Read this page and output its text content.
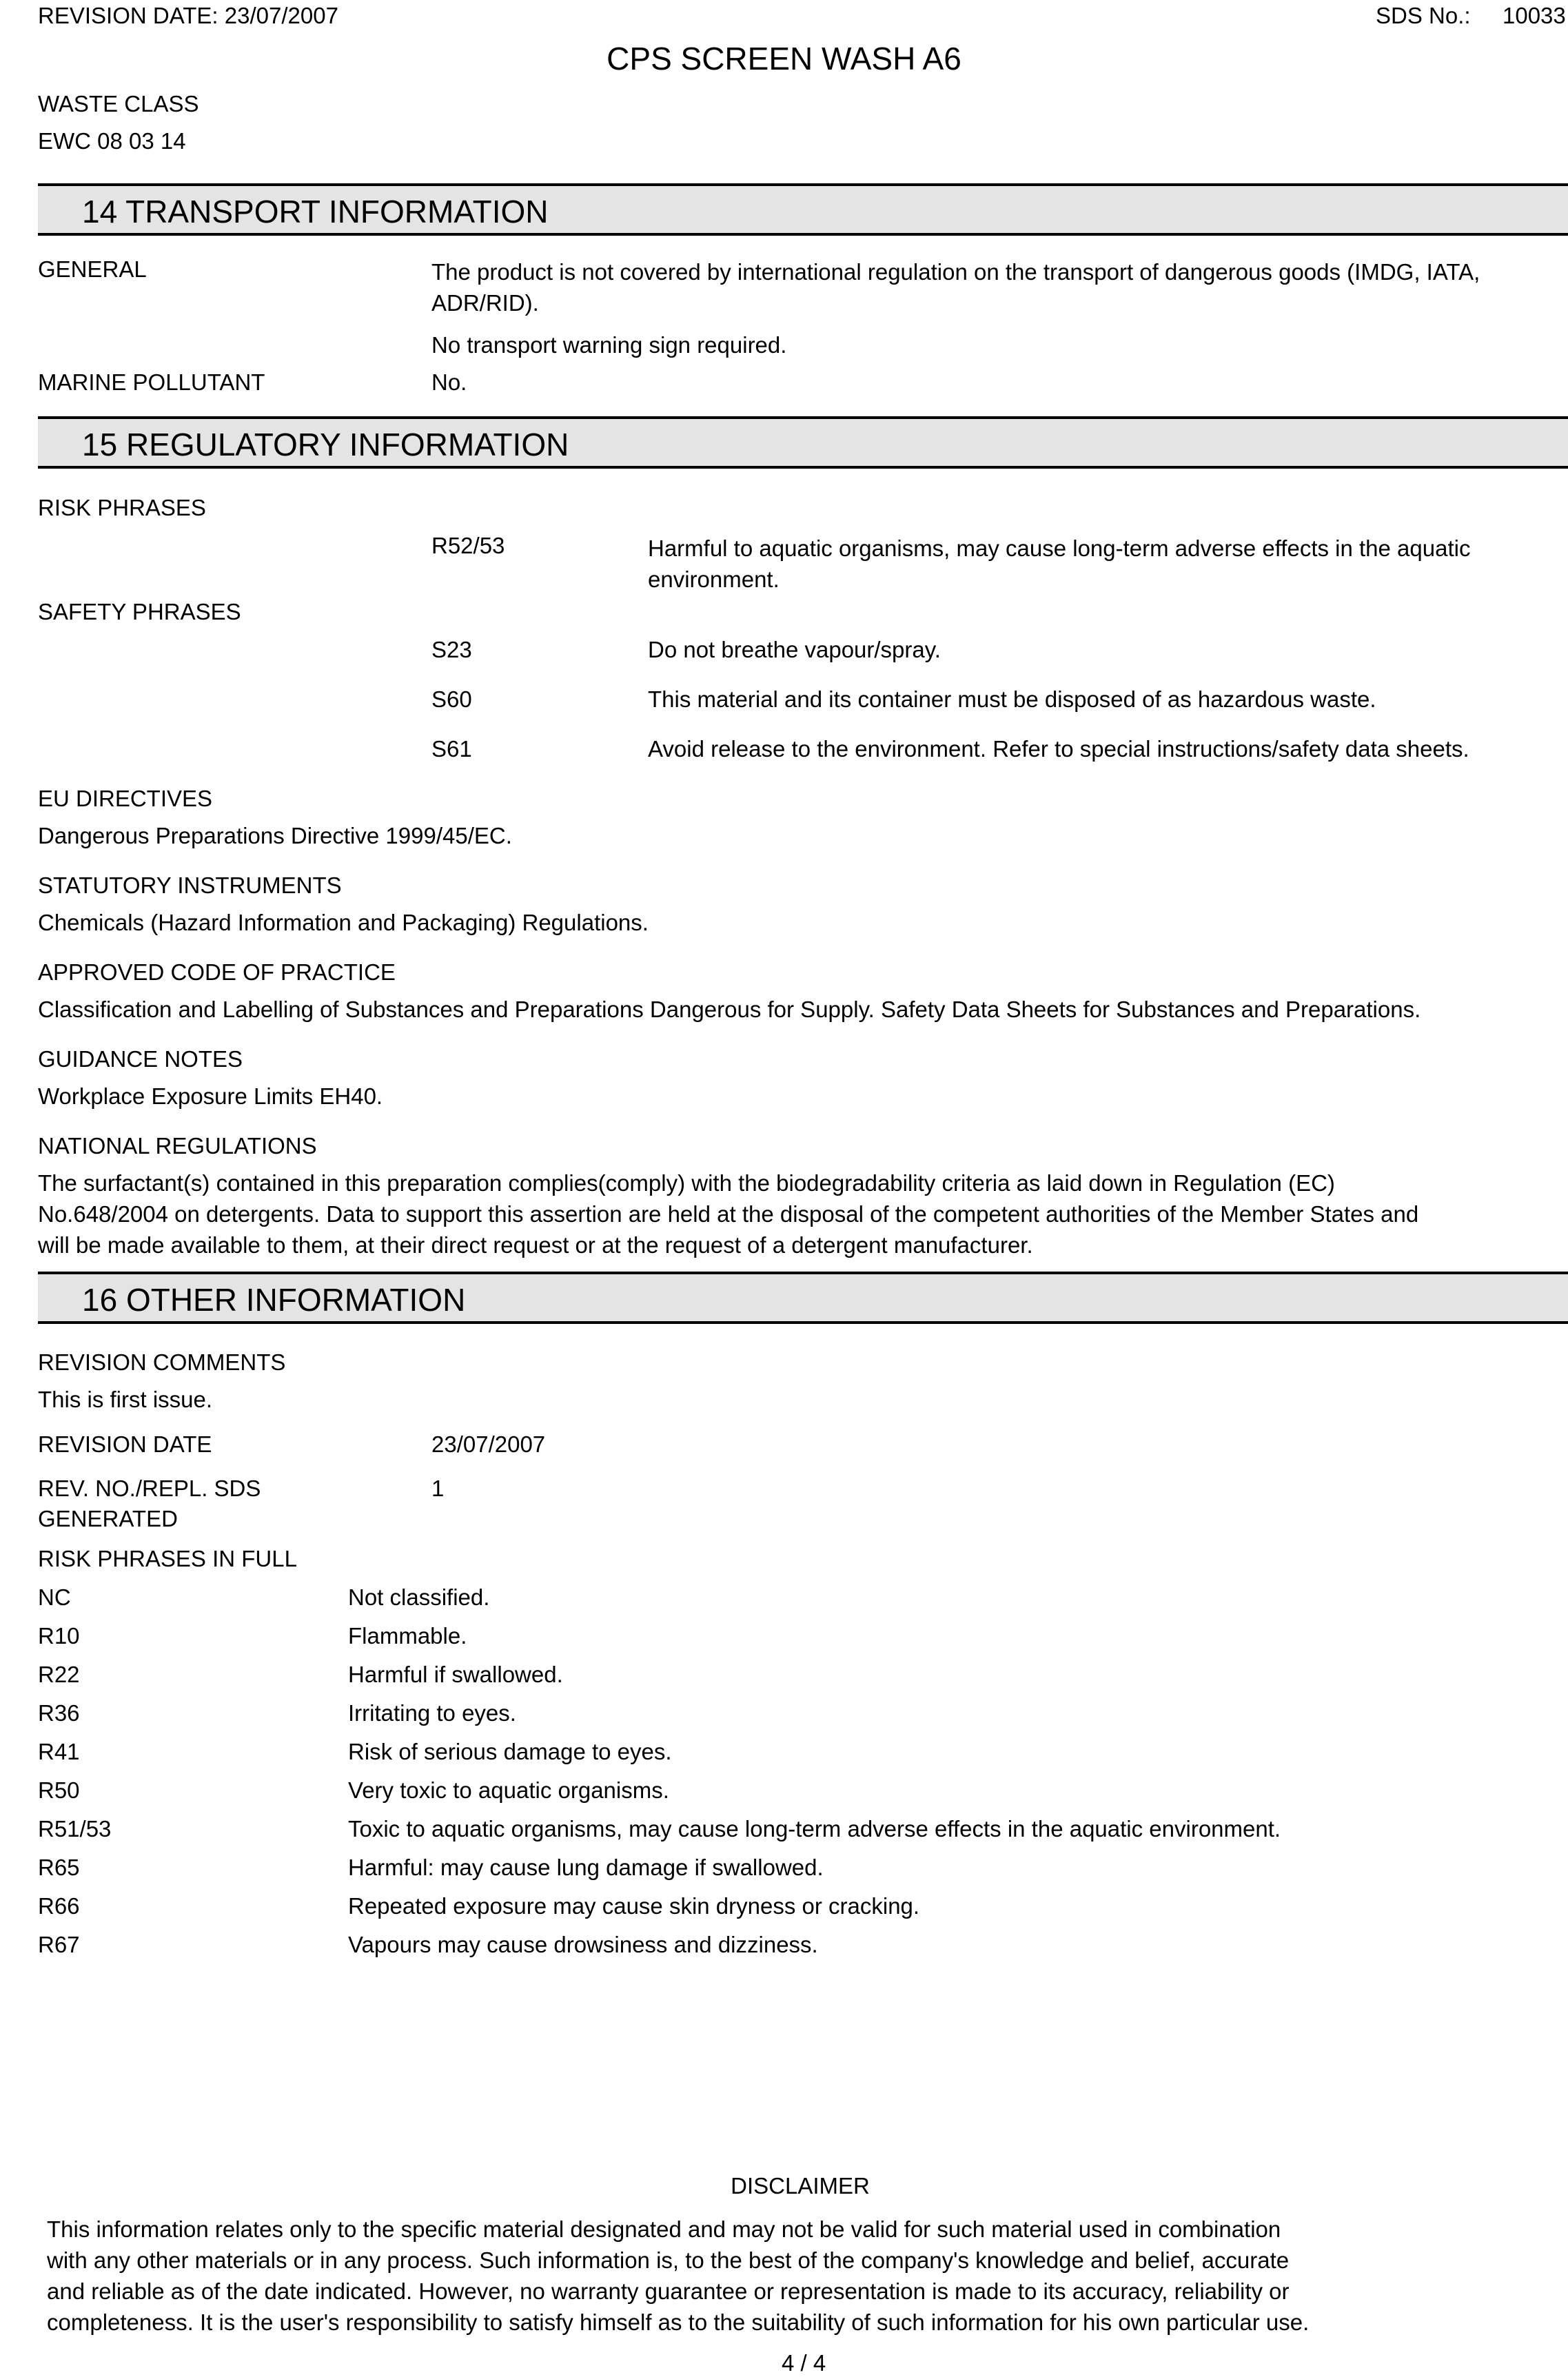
REVISION DATE: 23/07/2007	SDS No.: 10033
CPS SCREEN WASH A6
WASTE CLASS
EWC 08 03 14
14 TRANSPORT INFORMATION
GENERAL	The product is not covered by international regulation on the transport of dangerous goods (IMDG, IATA, ADR/RID).
No transport warning sign required.
MARINE POLLUTANT	No.
15 REGULATORY INFORMATION
RISK PHRASES
R52/53	Harmful to aquatic organisms, may cause long-term adverse effects in the aquatic environment.
SAFETY PHRASES
S23	Do not breathe vapour/spray.
S60	This material and its container must be disposed of as hazardous waste.
S61	Avoid release to the environment. Refer to special instructions/safety data sheets.
EU DIRECTIVES
Dangerous Preparations Directive 1999/45/EC.
STATUTORY INSTRUMENTS
Chemicals (Hazard Information and Packaging) Regulations.
APPROVED CODE OF PRACTICE
Classification and Labelling of Substances and Preparations Dangerous for Supply. Safety Data Sheets for Substances and Preparations.
GUIDANCE NOTES
Workplace Exposure Limits EH40.
NATIONAL REGULATIONS
The surfactant(s) contained in this preparation complies(comply) with the biodegradability criteria as laid down in Regulation (EC)
No.648/2004 on detergents. Data to support this assertion are held at the disposal of the competent authorities of the Member States and
will be made available to them, at their direct request or at the request of a detergent manufacturer.
16 OTHER INFORMATION
REVISION COMMENTS
This is first issue.
REVISION DATE	23/07/2007
REV. NO./REPL. SDS
GENERATED
1
RISK PHRASES IN FULL
NC	Not classified.
R10	Flammable.
R22	Harmful if swallowed.
R36	Irritating to eyes.
R41	Risk of serious damage to eyes.
R50	Very toxic to aquatic organisms.
R51/53	Toxic to aquatic organisms, may cause long-term adverse effects in the aquatic environment.
R65	Harmful: may cause lung damage if swallowed.
R66	Repeated exposure may cause skin dryness or cracking.
R67	Vapours may cause drowsiness and dizziness.
DISCLAIMER
This information relates only to the specific material designated and may not be valid for such material used in combination
with any other materials or in any process. Such information is, to the best of the company's knowledge and belief, accurate
and reliable as of the date indicated. However, no warranty guarantee or representation is made to its accuracy, reliability or
completeness. It is the user's responsibility to satisfy himself as to the suitability of such information for his own particular use.
4 / 4
